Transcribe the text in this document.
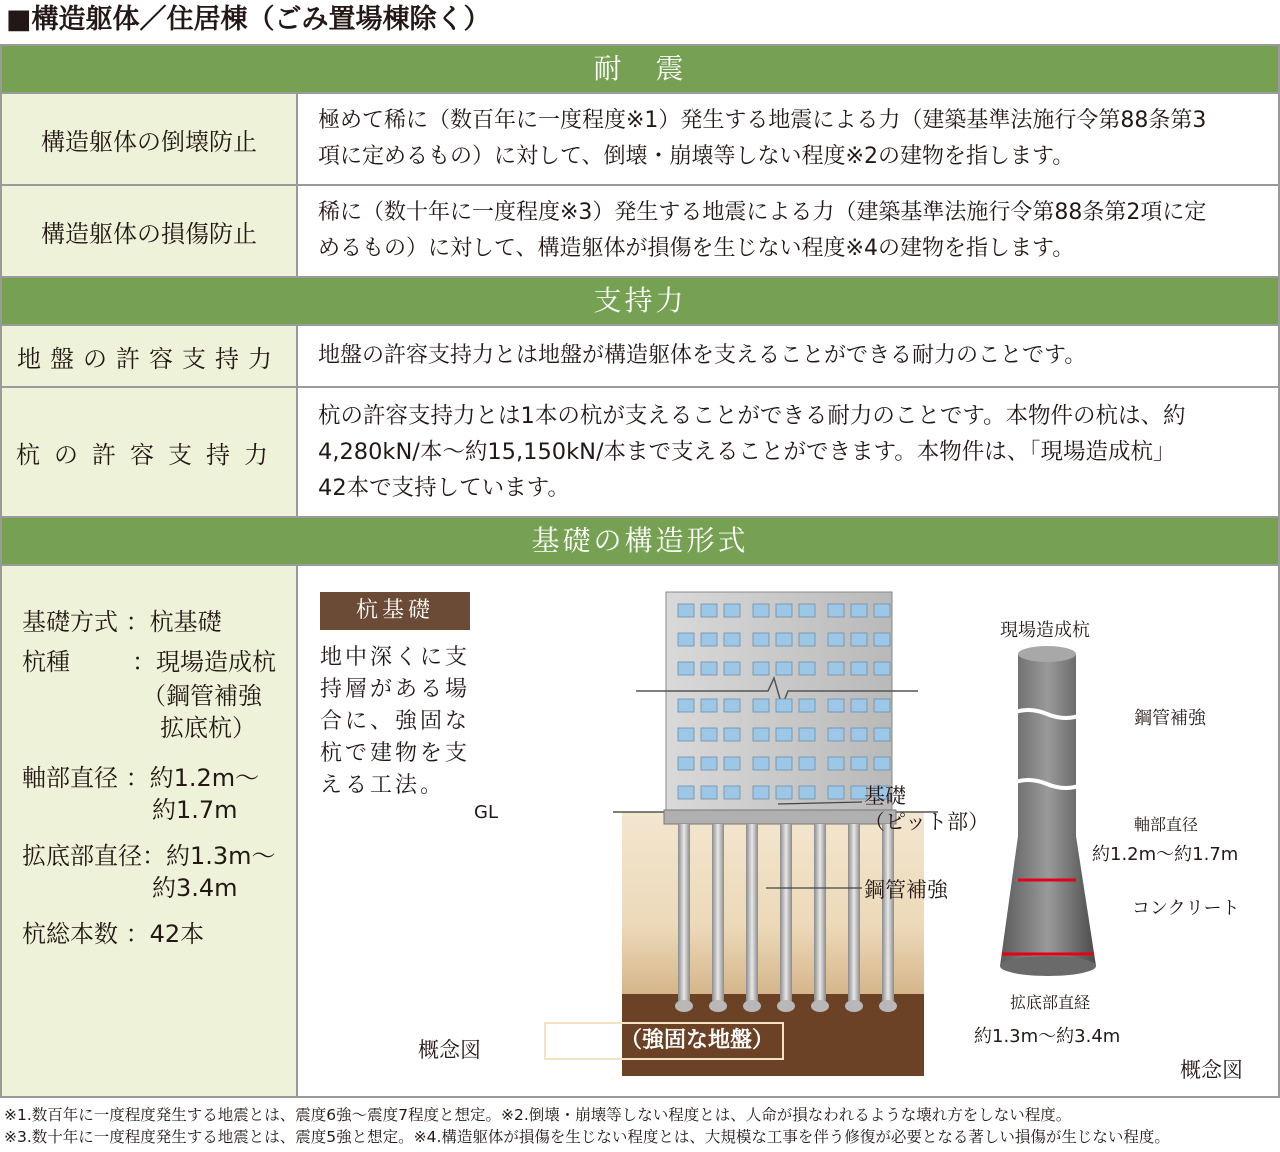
■構造躯体／住居棟（ごみ置場棟除く）
耐　震
構造躯体の倒壊防止
極めて稀に（数百年に一度程度※1）発生する地震による力（建築基準法施行令第88条第3
項に定めるもの）に対して、倒壊・崩壊等しない程度※2の建物を指します。
構造躯体の損傷防止
稀に（数十年に一度程度※3）発生する地震による力（建築基準法施行令第88条第2項に定
めるもの）に対して、構造躯体が損傷を生じない程度※4の建物を指します。
支持力
地盤の許容支持力	地盤の許容支持力とは地盤が構造躯体を支えることができる耐力のことです。
杭の許容支持力
杭の許容支持力とは1本の杭が支えることができる耐力のことです。本物件の杭は、約
4,280kN/本～約15,150kN/本まで支えることができます。本物件は、「現場造成杭」
42本で支持しています。
基礎の構造形式
基礎方式 ：杭基礎
杭種	：現場造成杭
（鋼管補強
拡底杭）
軸部直径 ：約1.2m～
約1.7m
拡底部直径：約1.3m～
約3.4m
杭総本数 ：42本
杭基礎
地中深くに支持層がある場合に、強固な杭で建物を支える工法。
GL
基礎
（ピット部）
鋼管補強
支持層（強固な地盤）
概念図
現場造成杭
鋼管補強
軸部直径
約1.2m～約1.7m
コンクリート
拡底部直経
約1.3m～約3.4m
概念図
※1.数百年に一度程度発生する地震とは、震度6強～震度7程度と想定。※2.倒壊・崩壊等しない程度とは、人命が損なわれるような壊れ方をしない程度。
※3.数十年に一度程度発生する地震とは、震度5強と想定。※4.構造躯体が損傷を生じない程度とは、大規模な工事を伴う修復が必要となる著しい損傷が生じない程度。
